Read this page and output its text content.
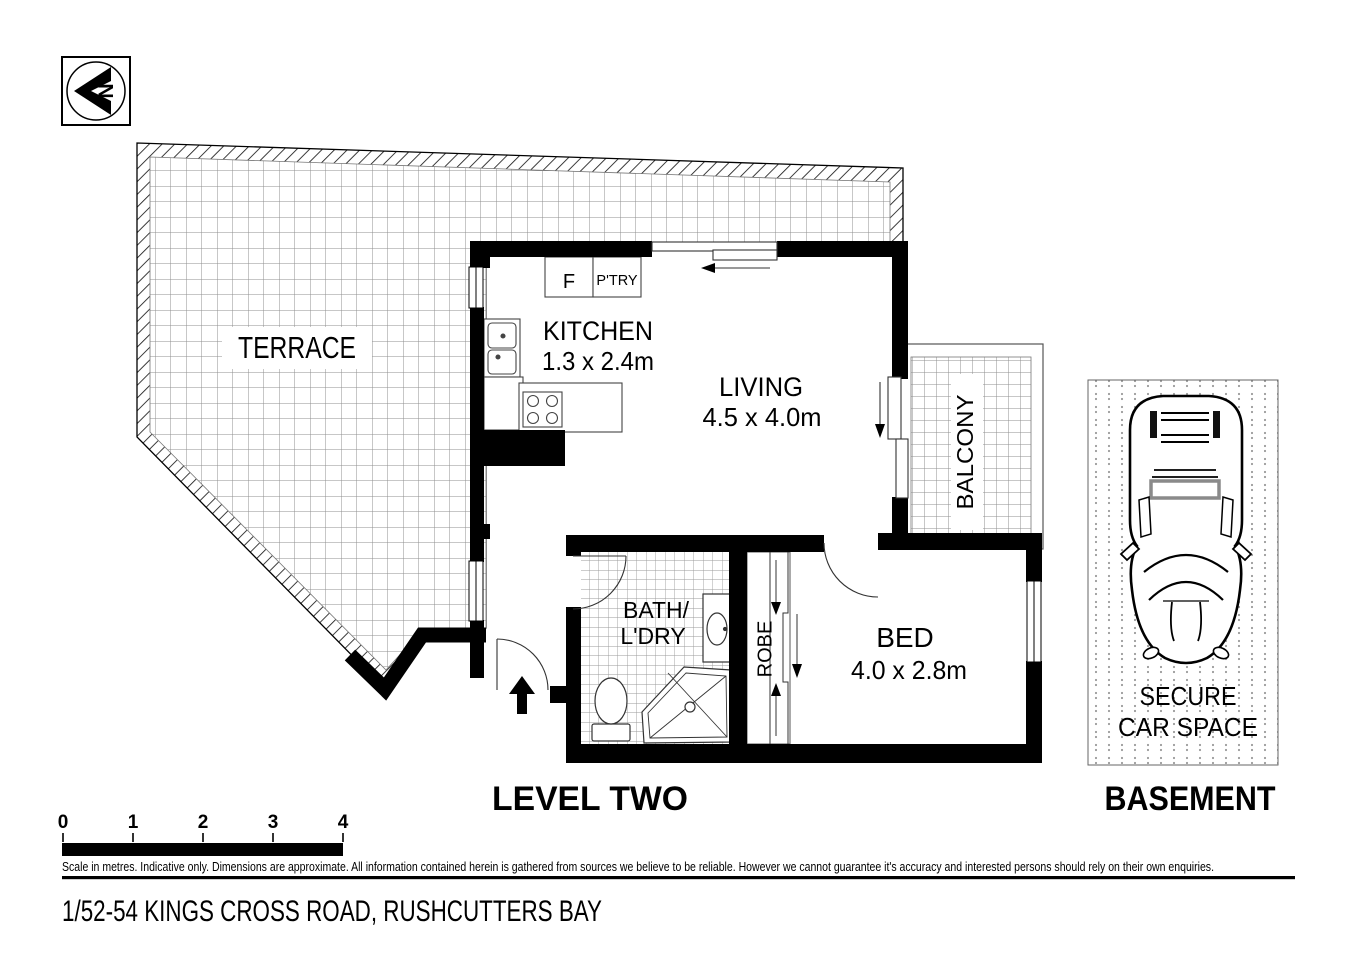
N
TERRACE
BALCONY
SECURE
CAR SPACE
KITCHEN
1.3 x 2.4m
F P'TRY
LIVING
4.5 x 4.0m
BATH/
L'DRY	ROBE	BED
4.0 x 2.8m
LEVEL TWO	BASEMENT
0	1	2	3	4
Scale in metres. Indicative only. Dimensions are approximate. All information contained herein is gathered from sources we believe to be reliable. However we cannot guarantee it's accuracy and interested persons should rely on their own enquiries.
1/52-54 KINGS CROSS ROAD, RUSHCUTTERS BAY
